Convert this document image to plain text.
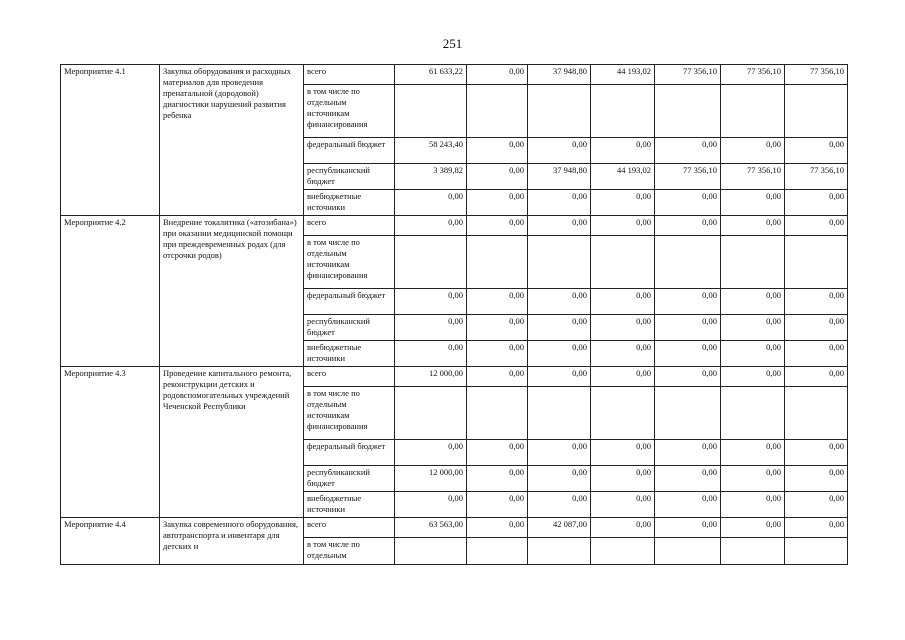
251
Мероприятие 4.1	Закупка оборудования и расходных материалов для проведения пренатальной (дородовой) диагностики нарушений развития ребенка	всего	61 633,22	0,00	37 948,80	44 193,02	77 356,10	77 356,10	77 356,10
		в том числе по отдельным источникам финансирования							
		федеральный бюджет	58 243,40	0,00	0,00	0,00	0,00	0,00	0,00
		республиканский бюджет	3 389,82	0,00	37 948,80	44 193,02	77 356,10	77 356,10	77 356,10
		внебюджетные источники	0,00	0,00	0,00	0,00	0,00	0,00	0,00
Мероприятие 4.2	Внедрение токалитика («атозибана») при оказании медицинской помощи при преждевременных родах (для отсрочки родов)	всего	0,00	0,00	0,00	0,00	0,00	0,00	0,00
		в том числе по отдельным источникам финансирования							
		федеральный бюджет	0,00	0,00	0,00	0,00	0,00	0,00	0,00
		республиканский бюджет	0,00	0,00	0,00	0,00	0,00	0,00	0,00
		внебюджетные источники	0,00	0,00	0,00	0,00	0,00	0,00	0,00
Мероприятие 4.3	Проведение капитального ремонта, реконструкции детских и родовспомогательных учреждений Чеченской Республики	всего	12 000,00	0,00	0,00	0,00	0,00	0,00	0,00
		в том числе по отдельным источникам финансирования							
		федеральный бюджет	0,00	0,00	0,00	0,00	0,00	0,00	0,00
		республиканский бюджет	12 000,00	0,00	0,00	0,00	0,00	0,00	0,00
		внебюджетные источники	0,00	0,00	0,00	0,00	0,00	0,00	0,00
Мероприятие 4.4	Закупка современного оборудования, автотранспорта и инвентаря для детских и	всего	63 563,00	0,00	42 087,00	0,00	0,00	0,00	0,00
		в том числе по отдельным							
